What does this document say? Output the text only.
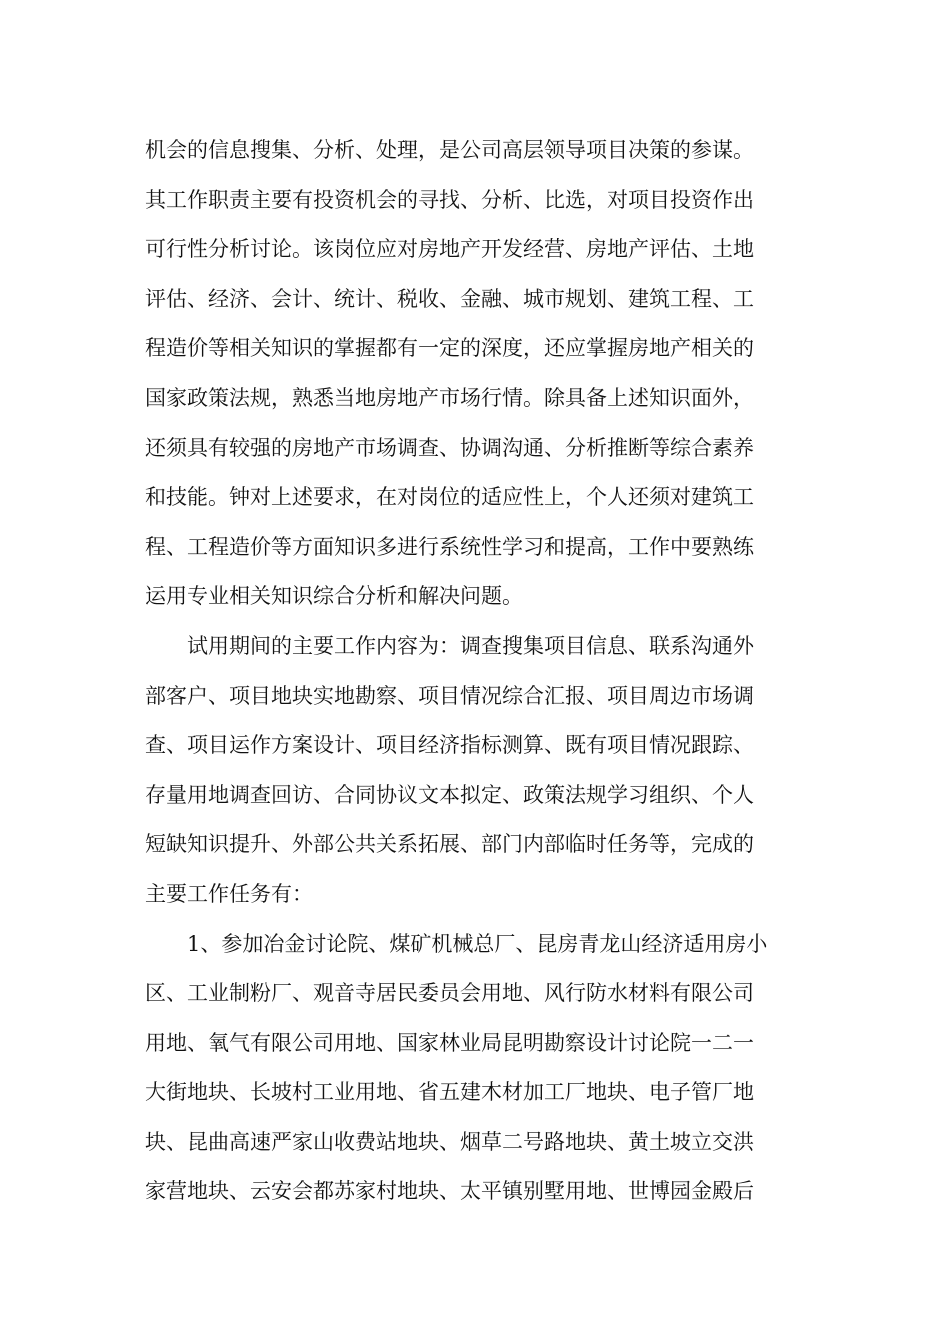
机会的信息搜集、分析、处理，是公司高层领导项目决策的参谋。
其工作职责主要有投资机会的寻找、分析、比选，对项目投资作出
可行性分析讨论。该岗位应对房地产开发经营、房地产评估、土地
评估、经济、会计、统计、税收、金融、城市规划、建筑工程、工
程造价等相关知识的掌握都有一定的深度，还应掌握房地产相关的
国家政策法规，熟悉当地房地产市场行情。除具备上述知识面外，
还须具有较强的房地产市场调查、协调沟通、分析推断等综合素养
和技能。钟对上述要求，在对岗位的适应性上，个人还须对建筑工
程、工程造价等方面知识多进行系统性学习和提高，工作中要熟练
运用专业相关知识综合分析和解决问题。
试用期间的主要工作内容为：调查搜集项目信息、联系沟通外
部客户、项目地块实地勘察、项目情况综合汇报、项目周边市场调
查、项目运作方案设计、项目经济指标测算、既有项目情况跟踪、
存量用地调查回访、合同协议文本拟定、政策法规学习组织、个人
短缺知识提升、外部公共关系拓展、部门内部临时任务等，完成的
主要工作任务有：
1、参加冶金讨论院、煤矿机械总厂、昆房青龙山经济适用房小
区、工业制粉厂、观音寺居民委员会用地、风行防水材料有限公司
用地、氧气有限公司用地、国家林业局昆明勘察设计讨论院一二一
大街地块、长坡村工业用地、省五建木材加工厂地块、电子管厂地
块、昆曲高速严家山收费站地块、烟草二号路地块、黄土坡立交洪
家营地块、云安会都苏家村地块、太平镇别墅用地、世博园金殿后
